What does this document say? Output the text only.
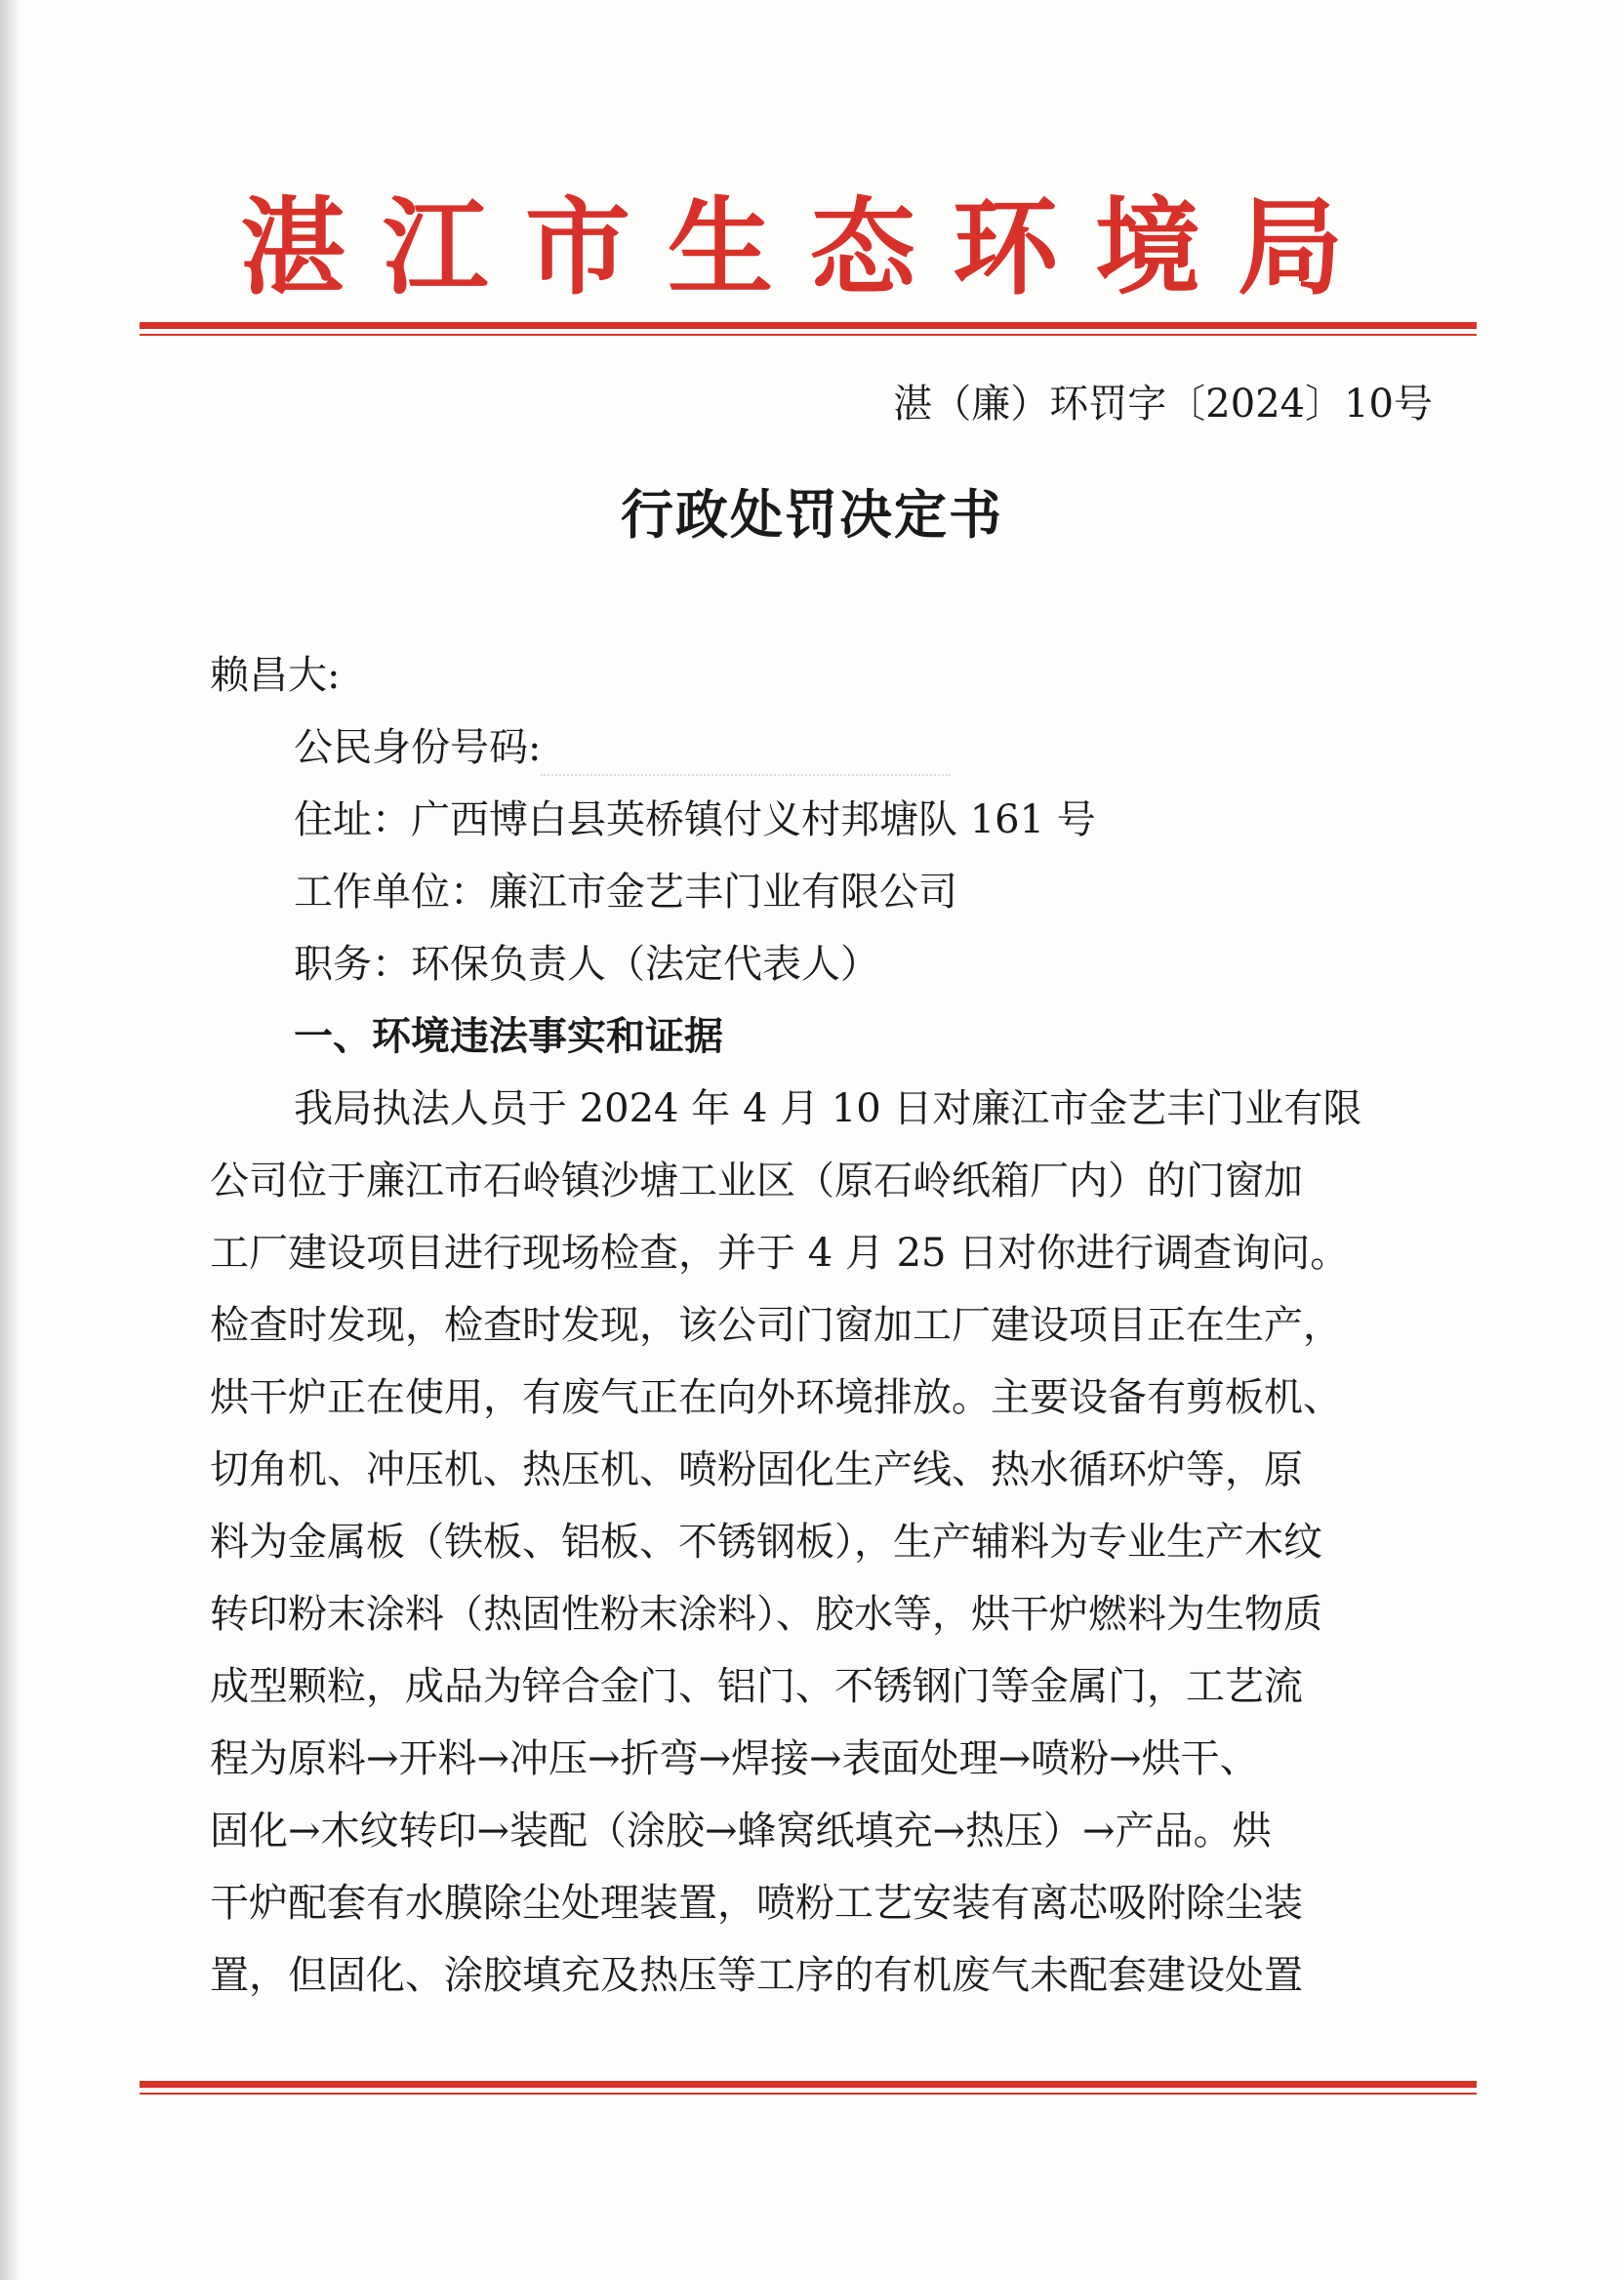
湛江市生态环境局
湛（廉）环罚字〔2024〕10号
行政处罚决定书
赖昌大:
公民身份号码:
住址：广西博白县英桥镇付义村邦塘队 161 号
工作单位：廉江市金艺丰门业有限公司
职务：环保负责人（法定代表人）
一、环境违法事实和证据
我局执法人员于 2024 年 4 月 10 日对廉江市金艺丰门业有限
公司位于廉江市石岭镇沙塘工业区（原石岭纸箱厂内）的门窗加
工厂建设项目进行现场检查，并于 4 月 25 日对你进行调查询问。
检查时发现，检查时发现，该公司门窗加工厂建设项目正在生产，
烘干炉正在使用，有废气正在向外环境排放。主要设备有剪板机、
切角机、冲压机、热压机、喷粉固化生产线、热水循环炉等，原
料为金属板（铁板、铝板、不锈钢板），生产辅料为专业生产木纹
转印粉末涂料（热固性粉末涂料）、胶水等，烘干炉燃料为生物质
成型颗粒，成品为锌合金门、铝门、不锈钢门等金属门，工艺流
程为原料→开料→冲压→折弯→焊接→表面处理→喷粉→烘干、
固化→木纹转印→装配（涂胶→蜂窝纸填充→热压）→产品。烘
干炉配套有水膜除尘处理装置，喷粉工艺安装有离芯吸附除尘装
置，但固化、涂胶填充及热压等工序的有机废气未配套建设处置
